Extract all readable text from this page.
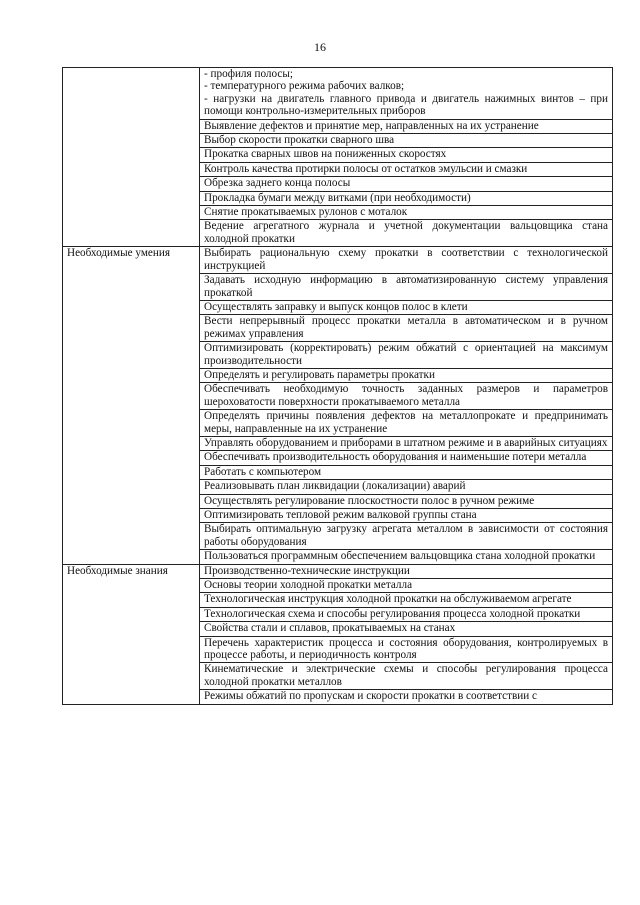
16

	- профиля полосы;
- температурного режима рабочих валков;
- нагрузки на двигатель главного привода и двигатель нажимных винтов – при помощи контрольно-измерительных приборов

	Выявление дефектов и принятие мер, направленных на их устранение

	Выбор скорости прокатки сварного шва

	Прокатка сварных швов на пониженных скоростях

	Контроль качества протирки полосы от остатков эмульсии и смазки

	Обрезка заднего конца полосы

	Прокладка бумаги между витками (при необходимости)

	Снятие прокатываемых рулонов с моталок

	Ведение агрегатного журнала и учетной документации вальцовщика стана холодной прокатки

Необходимые умения	Выбирать рациональную схему прокатки в соответствии с технологической инструкцией

	Задавать исходную информацию в автоматизированную систему управления прокаткой

	Осуществлять заправку и выпуск концов полос в клети

	Вести непрерывный процесс прокатки металла в автоматическом и в ручном режимах управления

	Оптимизировать (корректировать) режим обжатий с ориентацией на максимум производительности

	Определять и регулировать параметры прокатки

	Обеспечивать необходимую точность заданных размеров и параметров шероховатости поверхности прокатываемого металла

	Определять причины появления дефектов на металлопрокате и предпринимать меры, направленные на их устранение

	Управлять оборудованием и приборами в штатном режиме и в аварийных ситуациях

	Обеспечивать производительность оборудования и наименьшие потери металла

	Работать с компьютером

	Реализовывать план ликвидации (локализации) аварий

	Осуществлять регулирование плоскостности полос в ручном режиме

	Оптимизировать тепловой режим валковой группы стана

	Выбирать оптимальную загрузку агрегата металлом в зависимости от состояния работы оборудования

	Пользоваться программным обеспечением вальцовщика стана холодной прокатки

Необходимые знания	Производственно-технические инструкции

	Основы теории холодной прокатки металла

	Технологическая инструкция холодной прокатки на обслуживаемом агрегате

	Технологическая схема и способы регулирования процесса холодной прокатки

	Свойства стали и сплавов, прокатываемых на станах

	Перечень характеристик процесса и состояния оборудования, контролируемых в процессе работы, и периодичность контроля

	Кинематические и электрические схемы и способы регулирования процесса холодной прокатки металлов

	Режимы обжатий по пропускам и скорости прокатки в соответствии с
